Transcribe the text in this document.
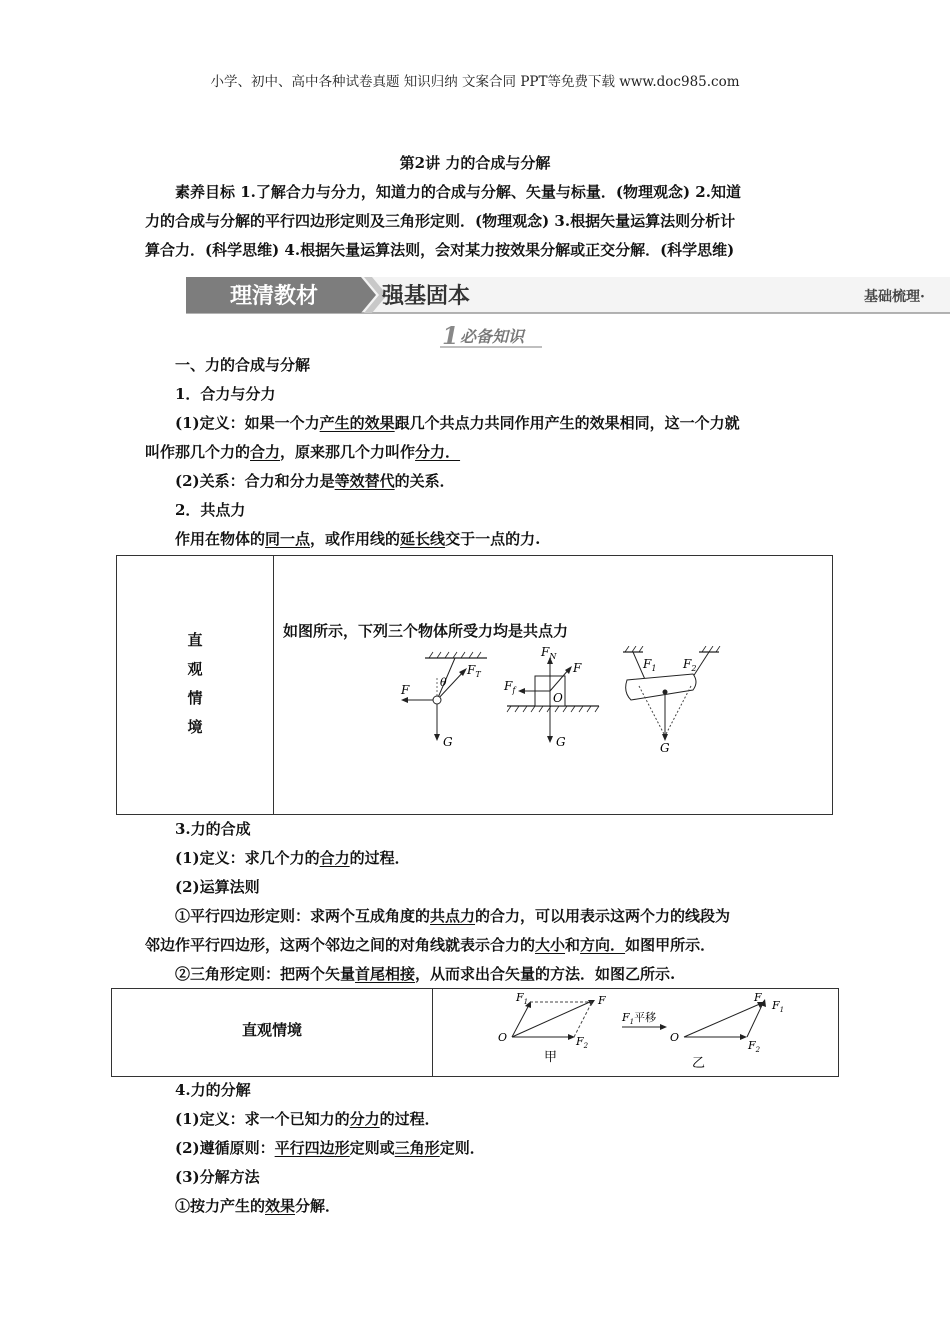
小学、初中、高中各种试卷真题 知识归纳 文案合同 PPT等免费下载 www.doc985.com
第2讲 力的合成与分解
素养目标 1.了解合力与分力，知道力的合成与分解、矢量与标量．(物理观念) 2.知道
力的合成与分解的平行四边形定则及三角形定则．(物理观念) 3.根据矢量运算法则分析计
算合力．(科学思维) 4.根据矢量运算法则，会对某力按效果分解或正交分解．(科学思维)
理清教材	强基固本	基础梳理·
1 必备知识
一、力的合成与分解
1．合力与分力
(1)定义：如果一个力产生的效果跟几个共点力共同作用产生的效果相同，这一个力就
叫作那几个力的合力，原来那几个力叫作分力．
(2)关系：合力和分力是等效替代的关系．
2．共点力
作用在物体的同一点，或作用线的延长线交于一点的力.
直
观
情
境
如图所示，下列三个物体所受力均是共点力
F
θ
$F_T$
G
$F_N$
F
$F_f$
O
G
$F_1$ $F_2$
G
3.力的合成
(1)定义：求几个力的合力的过程．
(2)运算法则
①平行四边形定则：求两个互成角度的共点力的合力，可以用表示这两个力的线段为
邻边作平行四边形，这两个邻边之间的对角线就表示合力的大小和方向．如图甲所示．
②三角形定则：把两个矢量首尾相接，从而求出合矢量的方法．如图乙所示.
直观情境
$F_1$	F
$F_2$
O
甲
$F_1$平移
O
F
$F_1$
$F_2$
乙
4.力的分解
(1)定义：求一个已知力的分力的过程．
(2)遵循原则：平行四边形定则或三角形定则．
(3)分解方法
①按力产生的效果分解．
